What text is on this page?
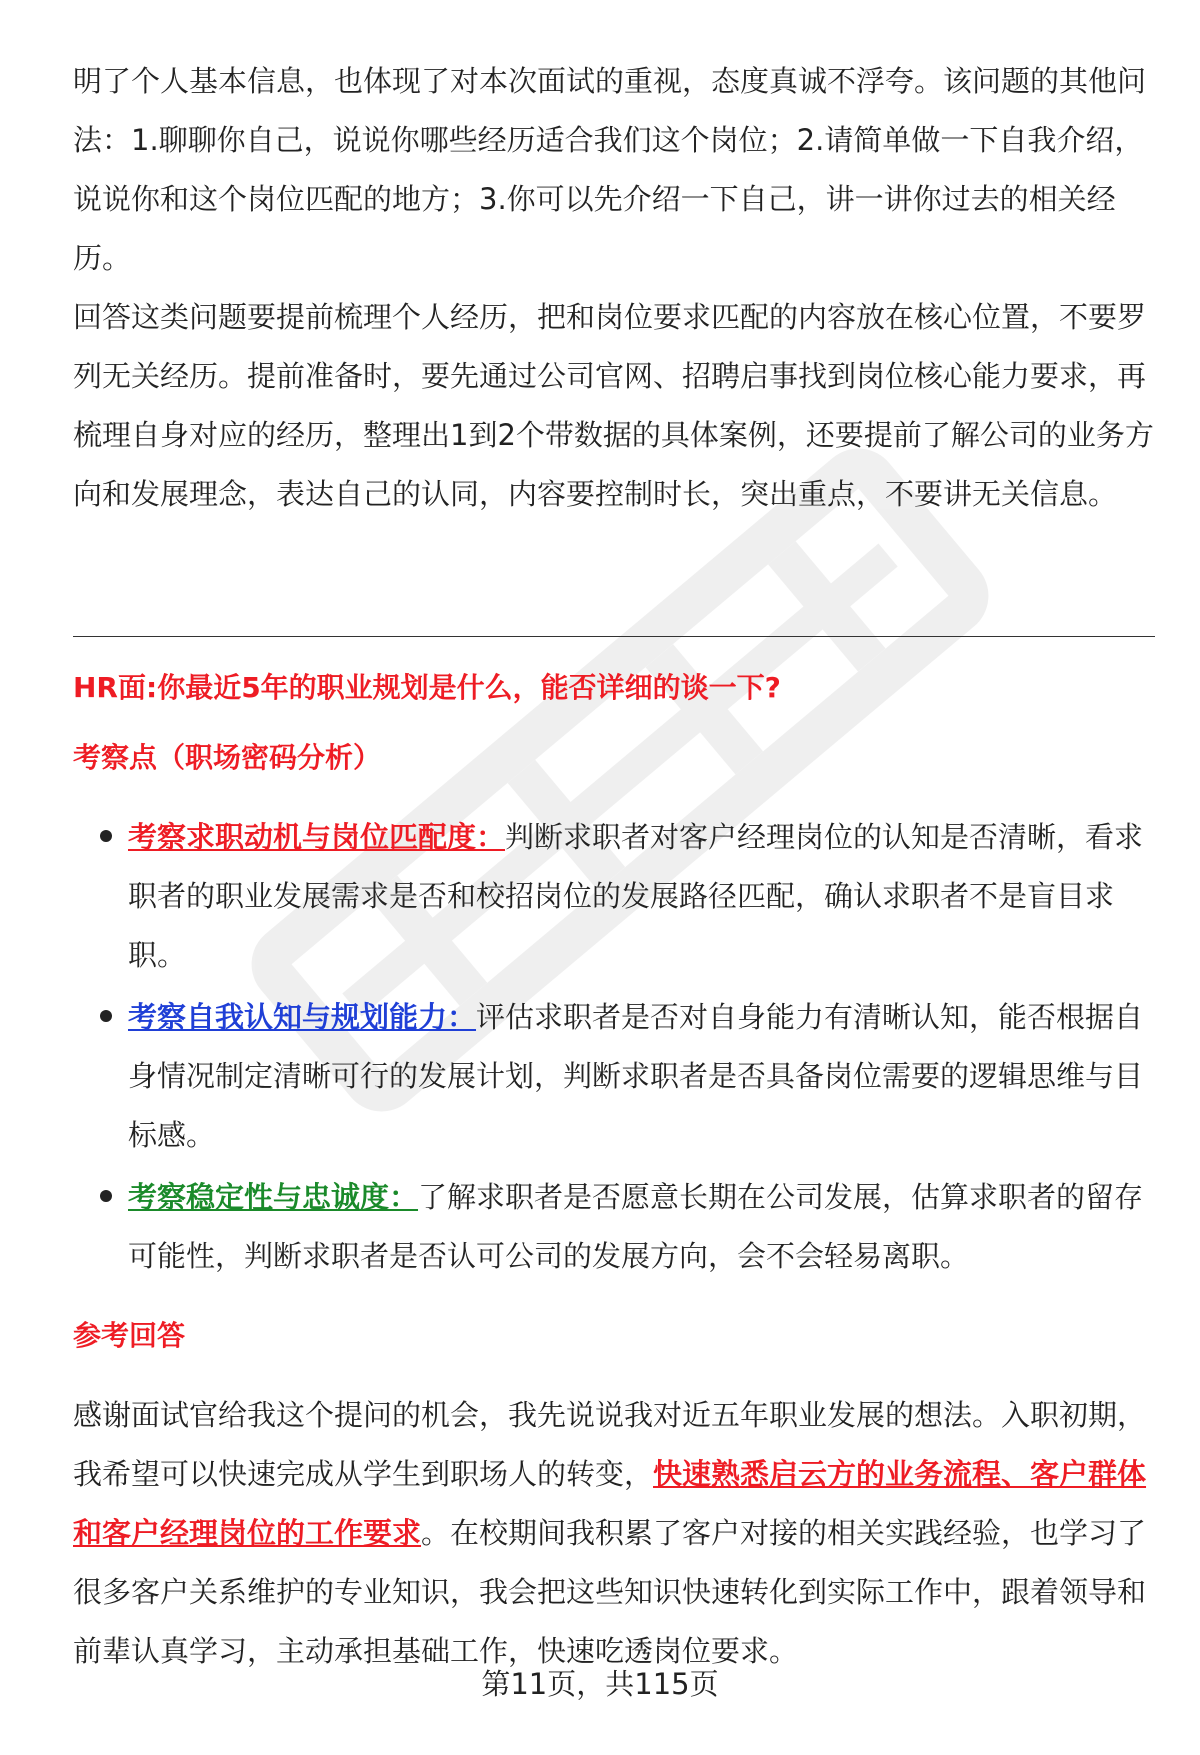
明了个人基本信息，也体现了对本次面试的重视，态度真诚不浮夸。该问题的其他问法：1.聊聊你自己，说说你哪些经历适合我们这个岗位；2.请简单做一下自我介绍，说说你和这个岗位匹配的地方；3.你可以先介绍一下自己，讲一讲你过去的相关经历。

回答这类问题要提前梳理个人经历，把和岗位要求匹配的内容放在核心位置，不要罗列无关经历。提前准备时，要先通过公司官网、招聘启事找到岗位核心能力要求，再梳理自身对应的经历，整理出1到2个带数据的具体案例，还要提前了解公司的业务方向和发展理念，表达自己的认同，内容要控制时长，突出重点，不要讲无关信息。

HR面:你最近5年的职业规划是什么，能否详细的谈一下?

考察点（职场密码分析）

考察求职动机与岗位匹配度：判断求职者对客户经理岗位的认知是否清晰，看求职者的职业发展需求是否和校招岗位的发展路径匹配，确认求职者不是盲目求职。
考察自我认知与规划能力：评估求职者是否对自身能力有清晰认知，能否根据自身情况制定清晰可行的发展计划，判断求职者是否具备岗位需要的逻辑思维与目标感。
考察稳定性与忠诚度：了解求职者是否愿意长期在公司发展，估算求职者的留存可能性，判断求职者是否认可公司的发展方向，会不会轻易离职。

参考回答

感谢面试官给我这个提问的机会，我先说说我对近五年职业发展的想法。入职初期，我希望可以快速完成从学生到职场人的转变，快速熟悉启云方的业务流程、客户群体和客户经理岗位的工作要求。在校期间我积累了客户对接的相关实践经验，也学习了很多客户关系维护的专业知识，我会把这些知识快速转化到实际工作中，跟着领导和前辈认真学习，主动承担基础工作，快速吃透岗位要求。

第11页，共115页
